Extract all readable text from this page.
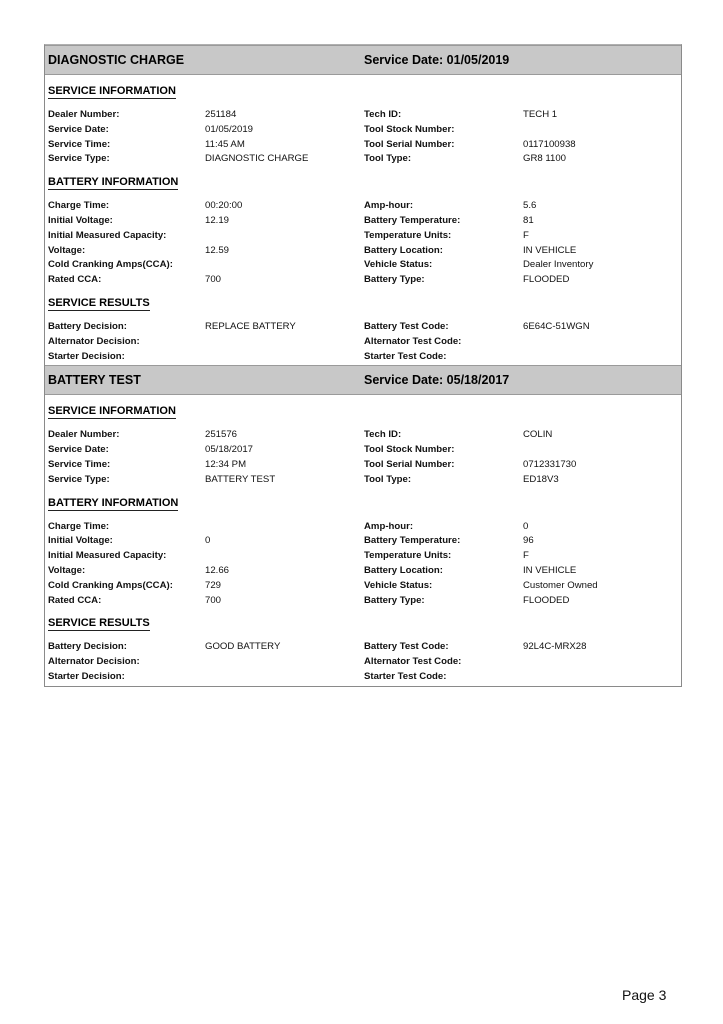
DIAGNOSTIC CHARGE	Service Date: 01/05/2019
SERVICE INFORMATION
Dealer Number:	251184	Tech ID:	TECH 1
Service Date:	01/05/2019	Tool Stock Number:
Service Time:	11:45 AM	Tool Serial Number:	0117100938
Service Type:	DIAGNOSTIC CHARGE	Tool Type:	GR8 1100
BATTERY INFORMATION
Charge Time:	00:20:00	Amp-hour:	5.6
Initial Voltage:	12.19	Battery Temperature:	81
Initial Measured Capacity:	Temperature Units:	F
Voltage:	12.59	Battery Location:	IN VEHICLE
Cold Cranking Amps(CCA):	Vehicle Status:	Dealer Inventory
Rated CCA:	700	Battery Type:	FLOODED
SERVICE RESULTS
Battery Decision:	REPLACE BATTERY	Battery Test Code:	6E64C-51WGN
Alternator Decision:	Alternator Test Code:
Starter Decision:	Starter Test Code:
BATTERY TEST	Service Date: 05/18/2017
SERVICE INFORMATION
Dealer Number:	251576	Tech ID:	COLIN
Service Date:	05/18/2017	Tool Stock Number:
Service Time:	12:34 PM	Tool Serial Number:	0712331730
Service Type:	BATTERY TEST	Tool Type:	ED18V3
BATTERY INFORMATION
Charge Time:	Amp-hour:	0
Initial Voltage:	0	Battery Temperature:	96
Initial Measured Capacity:	Temperature Units:	F
Voltage:	12.66	Battery Location:	IN VEHICLE
Cold Cranking Amps(CCA):	729	Vehicle Status:	Customer Owned
Rated CCA:	700	Battery Type:	FLOODED
SERVICE RESULTS
Battery Decision:	GOOD BATTERY	Battery Test Code:	92L4C-MRX28
Alternator Decision:	Alternator Test Code:
Starter Decision:	Starter Test Code:
Page 3
